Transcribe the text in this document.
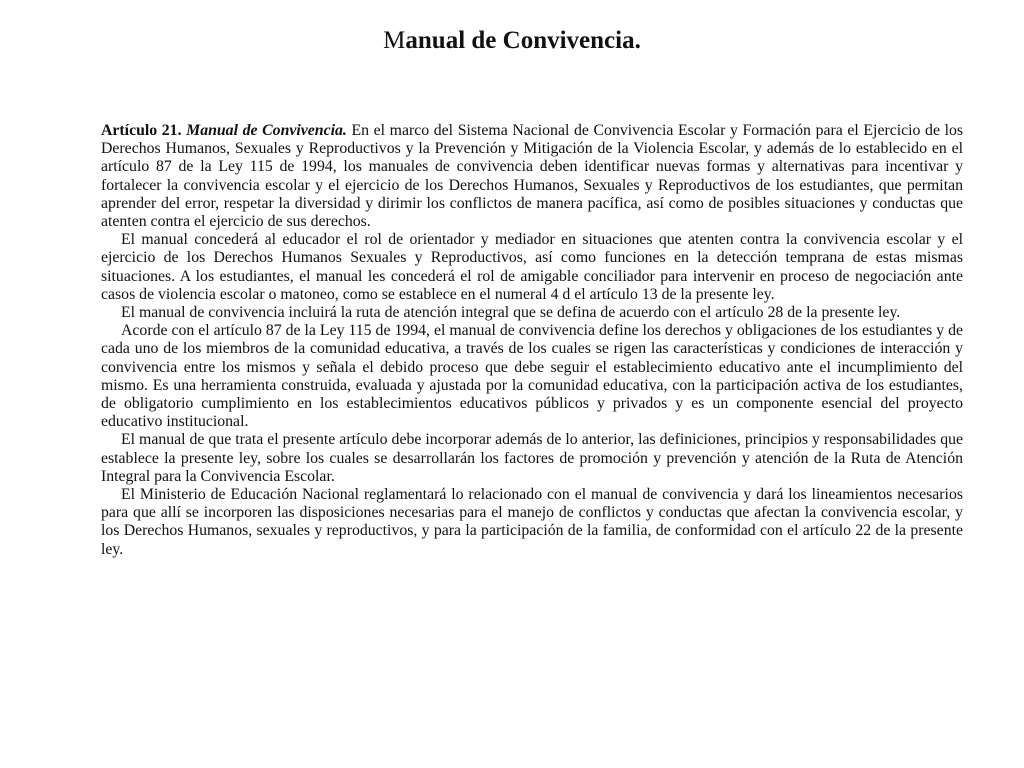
Manual de Convivencia.

Artículo 21. Manual de Convivencia. En el marco del Sistema Nacional de Convivencia Escolar y Formación para el Ejercicio de los Derechos Humanos, Sexuales y Reproductivos y la Prevención y Mitigación de la Violencia Escolar, y además de lo establecido en el artículo 87 de la Ley 115 de 1994, los manuales de convivencia deben identificar nuevas formas y alternativas para incentivar y fortalecer la convivencia escolar y el ejercicio de los Derechos Humanos, Sexuales y Reproductivos de los estudiantes, que permitan aprender del error, respetar la diversidad y dirimir los conflictos de manera pacífica, así como de posibles situaciones y conductas que atenten contra el ejercicio de sus derechos.

El manual concederá al educador el rol de orientador y mediador en situaciones que atenten contra la convivencia escolar y el ejercicio de los Derechos Humanos Sexuales y Reproductivos, así como funciones en la detección temprana de estas mismas situaciones. A los estudiantes, el manual les concederá el rol de amigable conciliador para intervenir en proceso de negociación ante casos de violencia escolar o matoneo, como se establece en el numeral 4 d el artículo 13 de la presente ley.

El manual de convivencia incluirá la ruta de atención integral que se defina de acuerdo con el artículo 28 de la presente ley.

Acorde con el artículo 87 de la Ley 115 de 1994, el manual de convivencia define los derechos y obligaciones de los estudiantes y de cada uno de los miembros de la comunidad educativa, a través de los cuales se rigen las características y condiciones de interacción y convivencia entre los mismos y señala el debido proceso que debe seguir el establecimiento educativo ante el incumplimiento del mismo. Es una herramienta construida, evaluada y ajustada por la comunidad educativa, con la participación activa de los estudiantes, de obligatorio cumplimiento en los establecimientos educativos públicos y privados y es un componente esencial del proyecto educativo institucional.

El manual de que trata el presente artículo debe incorporar además de lo anterior, las definiciones, principios y responsabilidades que establece la presente ley, sobre los cuales se desarrollarán los factores de promoción y prevención y atención de la Ruta de Atención Integral para la Convivencia Escolar.

El Ministerio de Educación Nacional reglamentará lo relacionado con el manual de convivencia y dará los lineamientos necesarios para que allí se incorporen las disposiciones necesarias para el manejo de conflictos y conductas que afectan la convivencia escolar, y los Derechos Humanos, sexuales y reproductivos, y para la participación de la familia, de conformidad con el artículo 22 de la presente ley.
